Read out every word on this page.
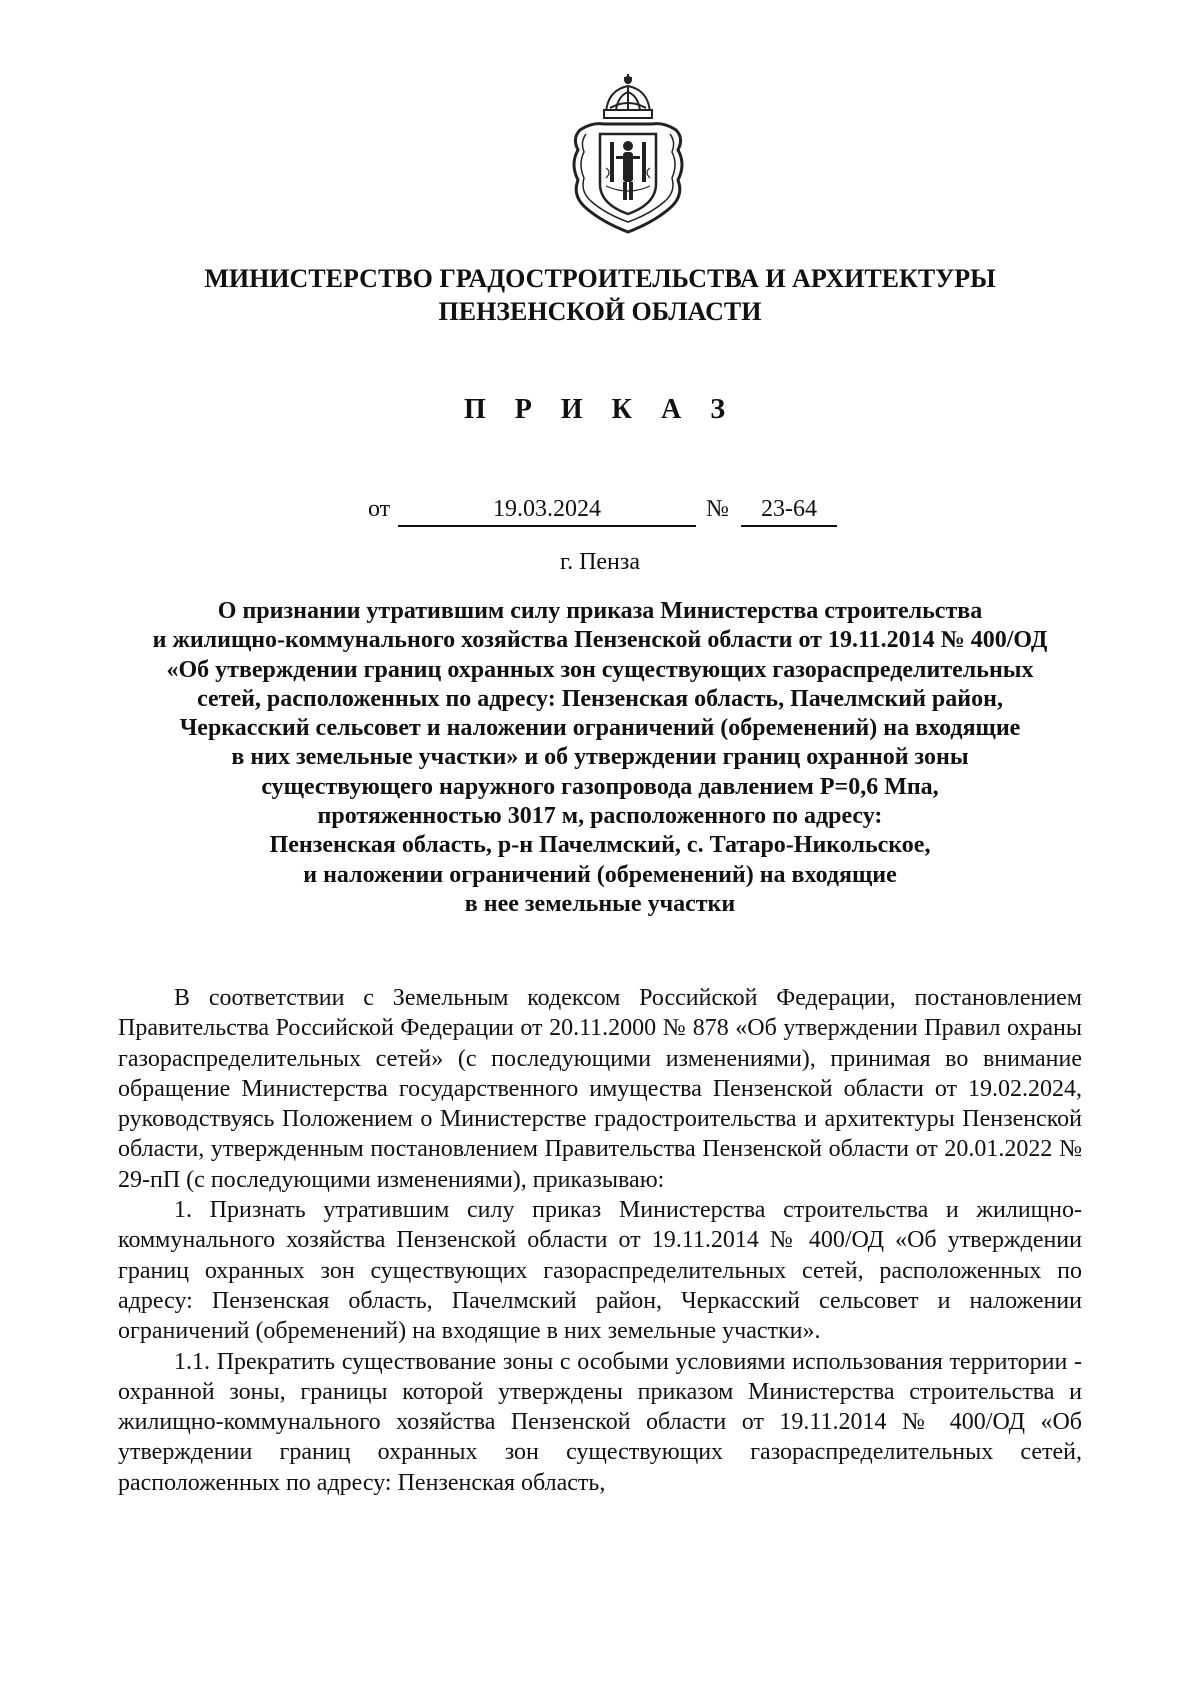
МИНИСТЕРСТВО ГРАДОСТРОИТЕЛЬСТВА И АРХИТЕКТУРЫ
ПЕНЗЕНСКОЙ ОБЛАСТИ
П Р И К А З
от	19.03.2024	№	23-64
г. Пенза
О признании утратившим силу приказа Министерства строительства
и жилищно-коммунального хозяйства Пензенской области от 19.11.2014 № 400/ОД
«Об утверждении границ охранных зон существующих газораспределительных
сетей, расположенных по адресу: Пензенская область, Пачелмский район,
Черкасский сельсовет и наложении ограничений (обременений) на входящие
в них земельные участки» и об утверждении границ охранной зоны
существующего наружного газопровода давлением Р=0,6 Мпа,
протяженностью 3017 м, расположенного по адресу:
Пензенская область, р-н Пачелмский, с. Татаро-Никольское,
и наложении ограничений (обременений) на входящие
в нее земельные участки

В соответствии с Земельным кодексом Российской Федерации, постановлением Правительства Российской Федерации от 20.11.2000 № 878 «Об утверждении Правил охраны газораспределительных сетей» (с последующими изменениями), принимая во внимание обращение Министерства государственного имущества Пензенской области от 19.02.2024, руководствуясь Положением о Министерстве градостроительства и архитектуры Пензенской области, утвержденным постановлением Правительства Пензенской области от 20.01.2022 № 29-пП (с последующими изменениями), приказываю:

1. Признать утратившим силу приказ Министерства строительства и жилищно-коммунального хозяйства Пензенской области от 19.11.2014 № 400/ОД «Об утверждении границ охранных зон существующих газораспределительных сетей, расположенных по адресу: Пензенская область, Пачелмский район, Черкасский сельсовет и наложении ограничений (обременений) на входящие в них земельные участки».

1.1. Прекратить существование зоны с особыми условиями использования территории - охранной зоны, границы которой утверждены приказом Министерства строительства и жилищно-коммунального хозяйства Пензенской области от 19.11.2014 № 400/ОД «Об утверждении границ охранных зон существующих газораспределительных сетей, расположенных по адресу: Пензенская область,
